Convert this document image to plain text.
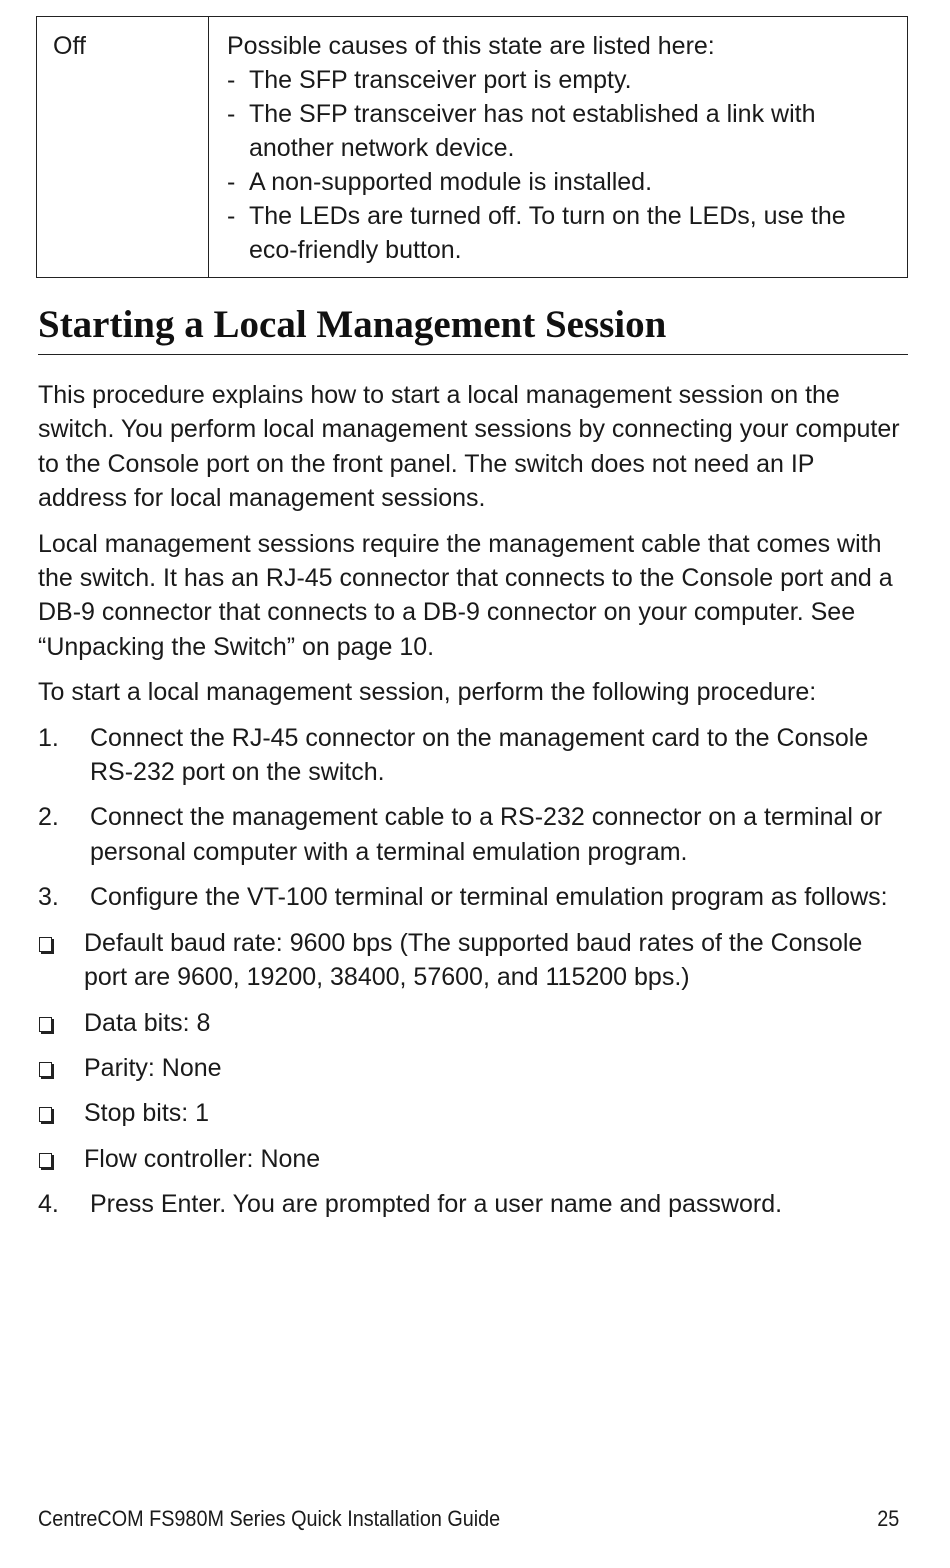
Off	Possible causes of this state are listed here:
- The SFP transceiver port is empty.
- The SFP transceiver has not established a link with another network device.
- A non-supported module is installed.
- The LEDs are turned off. To turn on the LEDs, use the eco-friendly button.
Starting a Local Management Session

This procedure explains how to start a local management session on the switch. You perform local management sessions by connecting your computer to the Console port on the front panel. The switch does not need an IP address for local management sessions.

Local management sessions require the management cable that comes with the switch. It has an RJ-45 connector that connects to the Console port and a DB-9 connector that connects to a DB-9 connector on your computer. See “Unpacking the Switch” on page 10.

To start a local management session, perform the following procedure:

1.	Connect the RJ-45 connector on the management card to the Console RS-232 port on the switch.
2.	Connect the management cable to a RS-232 connector on a terminal or personal computer with a terminal emulation program.
3.	Configure the VT-100 terminal or terminal emulation program as follows:
Default baud rate: 9600 bps (The supported baud rates of the Console port are 9600, 19200, 38400, 57600, and 115200 bps.)
Data bits: 8
Parity: None
Stop bits: 1
Flow controller: None
4.	Press Enter. You are prompted for a user name and password.
CentreCOM FS980M Series Quick Installation Guide	25
